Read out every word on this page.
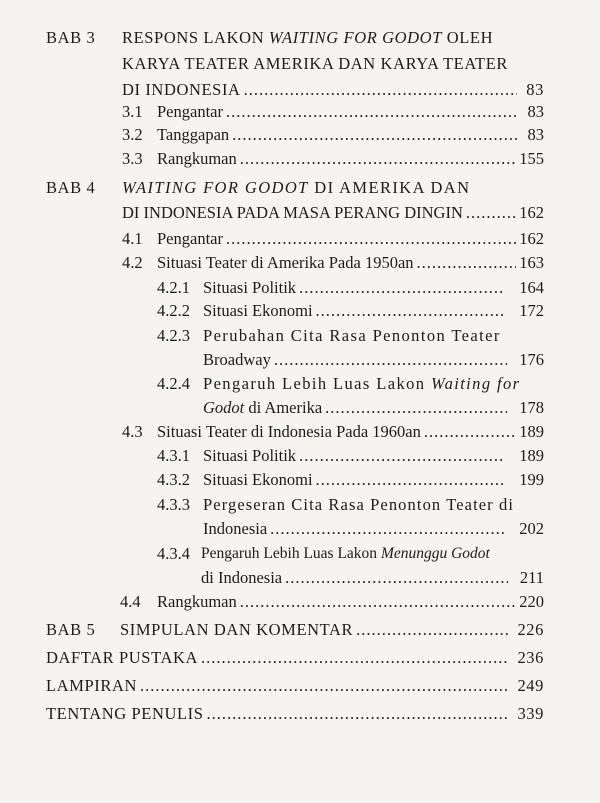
BAB 3 RESPONS LAKON WAITING FOR GODOT OLEH
KARYA TEATER AMERIKA DAN KARYA TEATER
DI INDONESIA .....	83
3.1 Pengantar .....	83
3.2 Tanggapan .....	83
3.3 Rangkuman .....	155
BAB 4 WAITING FOR GODOT DI AMERIKA DAN
DI INDONESIA PADA MASA PERANG DINGIN .....	162
4.1 Pengantar .....	162
4.2 Situasi Teater di Amerika Pada 1950an .....	163
4.2.1 Situasi Politik .....	164
4.2.2 Situasi Ekonomi .....	172
4.2.3 Perubahan Cita Rasa Penonton Teater
Broadway .....	176
4.2.4 Pengaruh Lebih Luas Lakon Waiting for
Godot di Amerika .....	178
4.3 Situasi Teater di Indonesia Pada 1960an .....	189
4.3.1 Situasi Politik .....	189
4.3.2 Situasi Ekonomi .....	199
4.3.3 Pergeseran Cita Rasa Penonton Teater di
Indonesia .....	202
4.3.4 Pengaruh Lebih Luas Lakon Menunggu Godot
di Indonesia .....	211
4.4 Rangkuman .....	220
BAB 5 SIMPULAN DAN KOMENTAR .....	226
DAFTAR PUSTAKA .....	236
LAMPIRAN .....	249
TENTANG PENULIS .....	339
